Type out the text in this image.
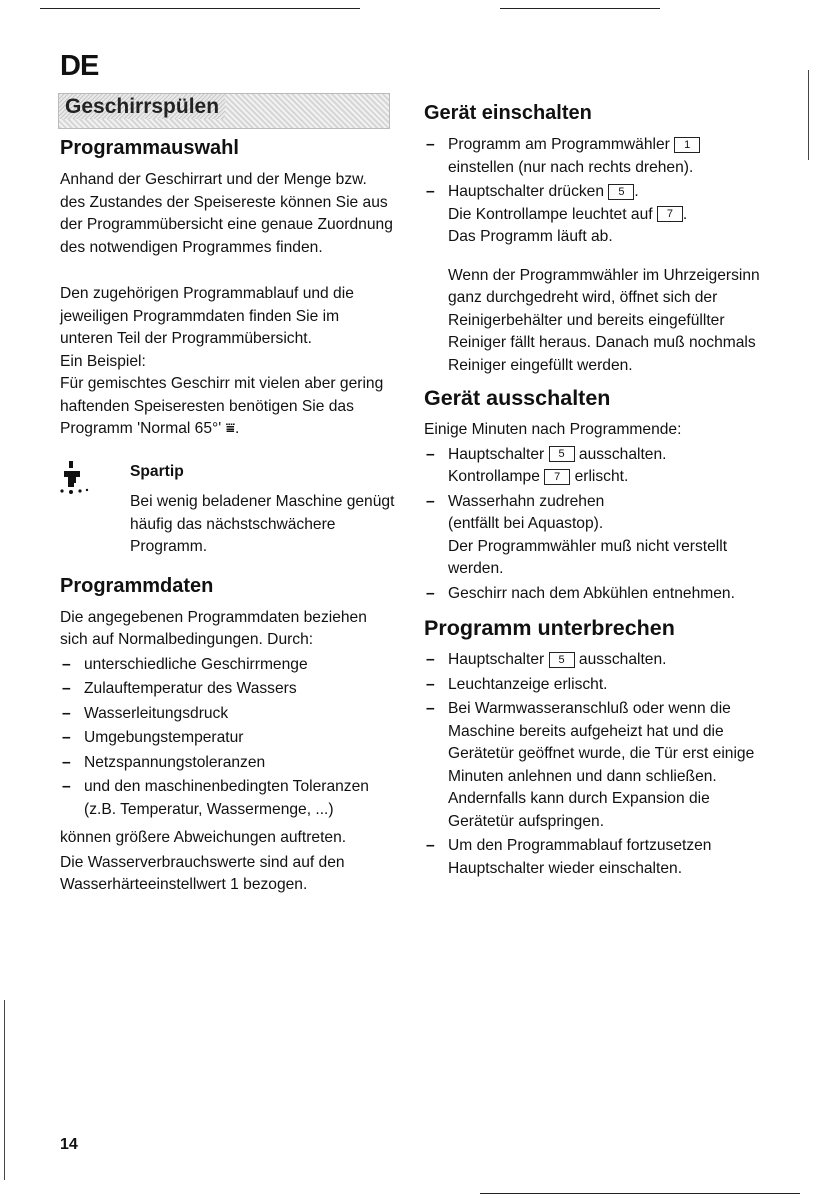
DE
Geschirrspülen
Programmauswahl

Anhand der Geschirrart und der Menge bzw. des Zustandes der Speisereste können Sie aus der Programmübersicht eine genaue Zuordnung des notwendigen Programmes finden.

Den zugehörigen Programmablauf und die jeweiligen Programmdaten finden Sie im unteren Teil der Programmübersicht.

Ein Beispiel:

Für gemischtes Geschirr mit vielen aber gering haftenden Speiseresten benötigen Sie das Programm 'Normal 65°' ⩸.

Spartip

Bei wenig beladener Maschine genügt häufig das nächstschwächere Programm.

Programmdaten

Die angegebenen Programmdaten beziehen sich auf Normalbedingungen. Durch:

– unterschiedliche Geschirrmenge
– Zulauftemperatur des Wassers
– Wasserleitungsdruck
– Umgebungstemperatur
– Netzspannungstoleranzen
– und den maschinenbedingten Toleranzen (z.B. Temperatur, Wassermenge, ...)

können größere Abweichungen auftreten.

Die Wasserverbrauchswerte sind auf den Wasserhärteeinstellwert 1 bezogen.

Gerät einschalten
– Programm am Programmwähler 1 einstellen (nur nach rechts drehen).
– Hauptschalter drücken 5 .
Die Kontrollampe leuchtet auf 7 .
Das Programm läuft ab.

Wenn der Programmwähler im Uhrzeigersinn ganz durchgedreht wird, öffnet sich der Reinigerbehälter und bereits eingefüllter Reiniger fällt heraus. Danach muß nochmals Reiniger eingefüllt werden.

Gerät ausschalten

Einige Minuten nach Programmende:

– Hauptschalter 5 ausschalten.
Kontrollampe 7 erlischt.
– Wasserhahn zudrehen
(entfällt bei Aquastop).
Der Programmwähler muß nicht verstellt werden.
– Geschirr nach dem Abkühlen entnehmen.
Programm unterbrechen
– Hauptschalter 5 ausschalten.
– Leuchtanzeige erlischt.
– Bei Warmwasseranschluß oder wenn die Maschine bereits aufgeheizt hat und die Gerätetür geöffnet wurde, die Tür erst einige Minuten anlehnen und dann schließen.
Andernfalls kann durch Expansion die Gerätetür aufspringen.
– Um den Programmablauf fortzusetzen Hauptschalter wieder einschalten.
14
